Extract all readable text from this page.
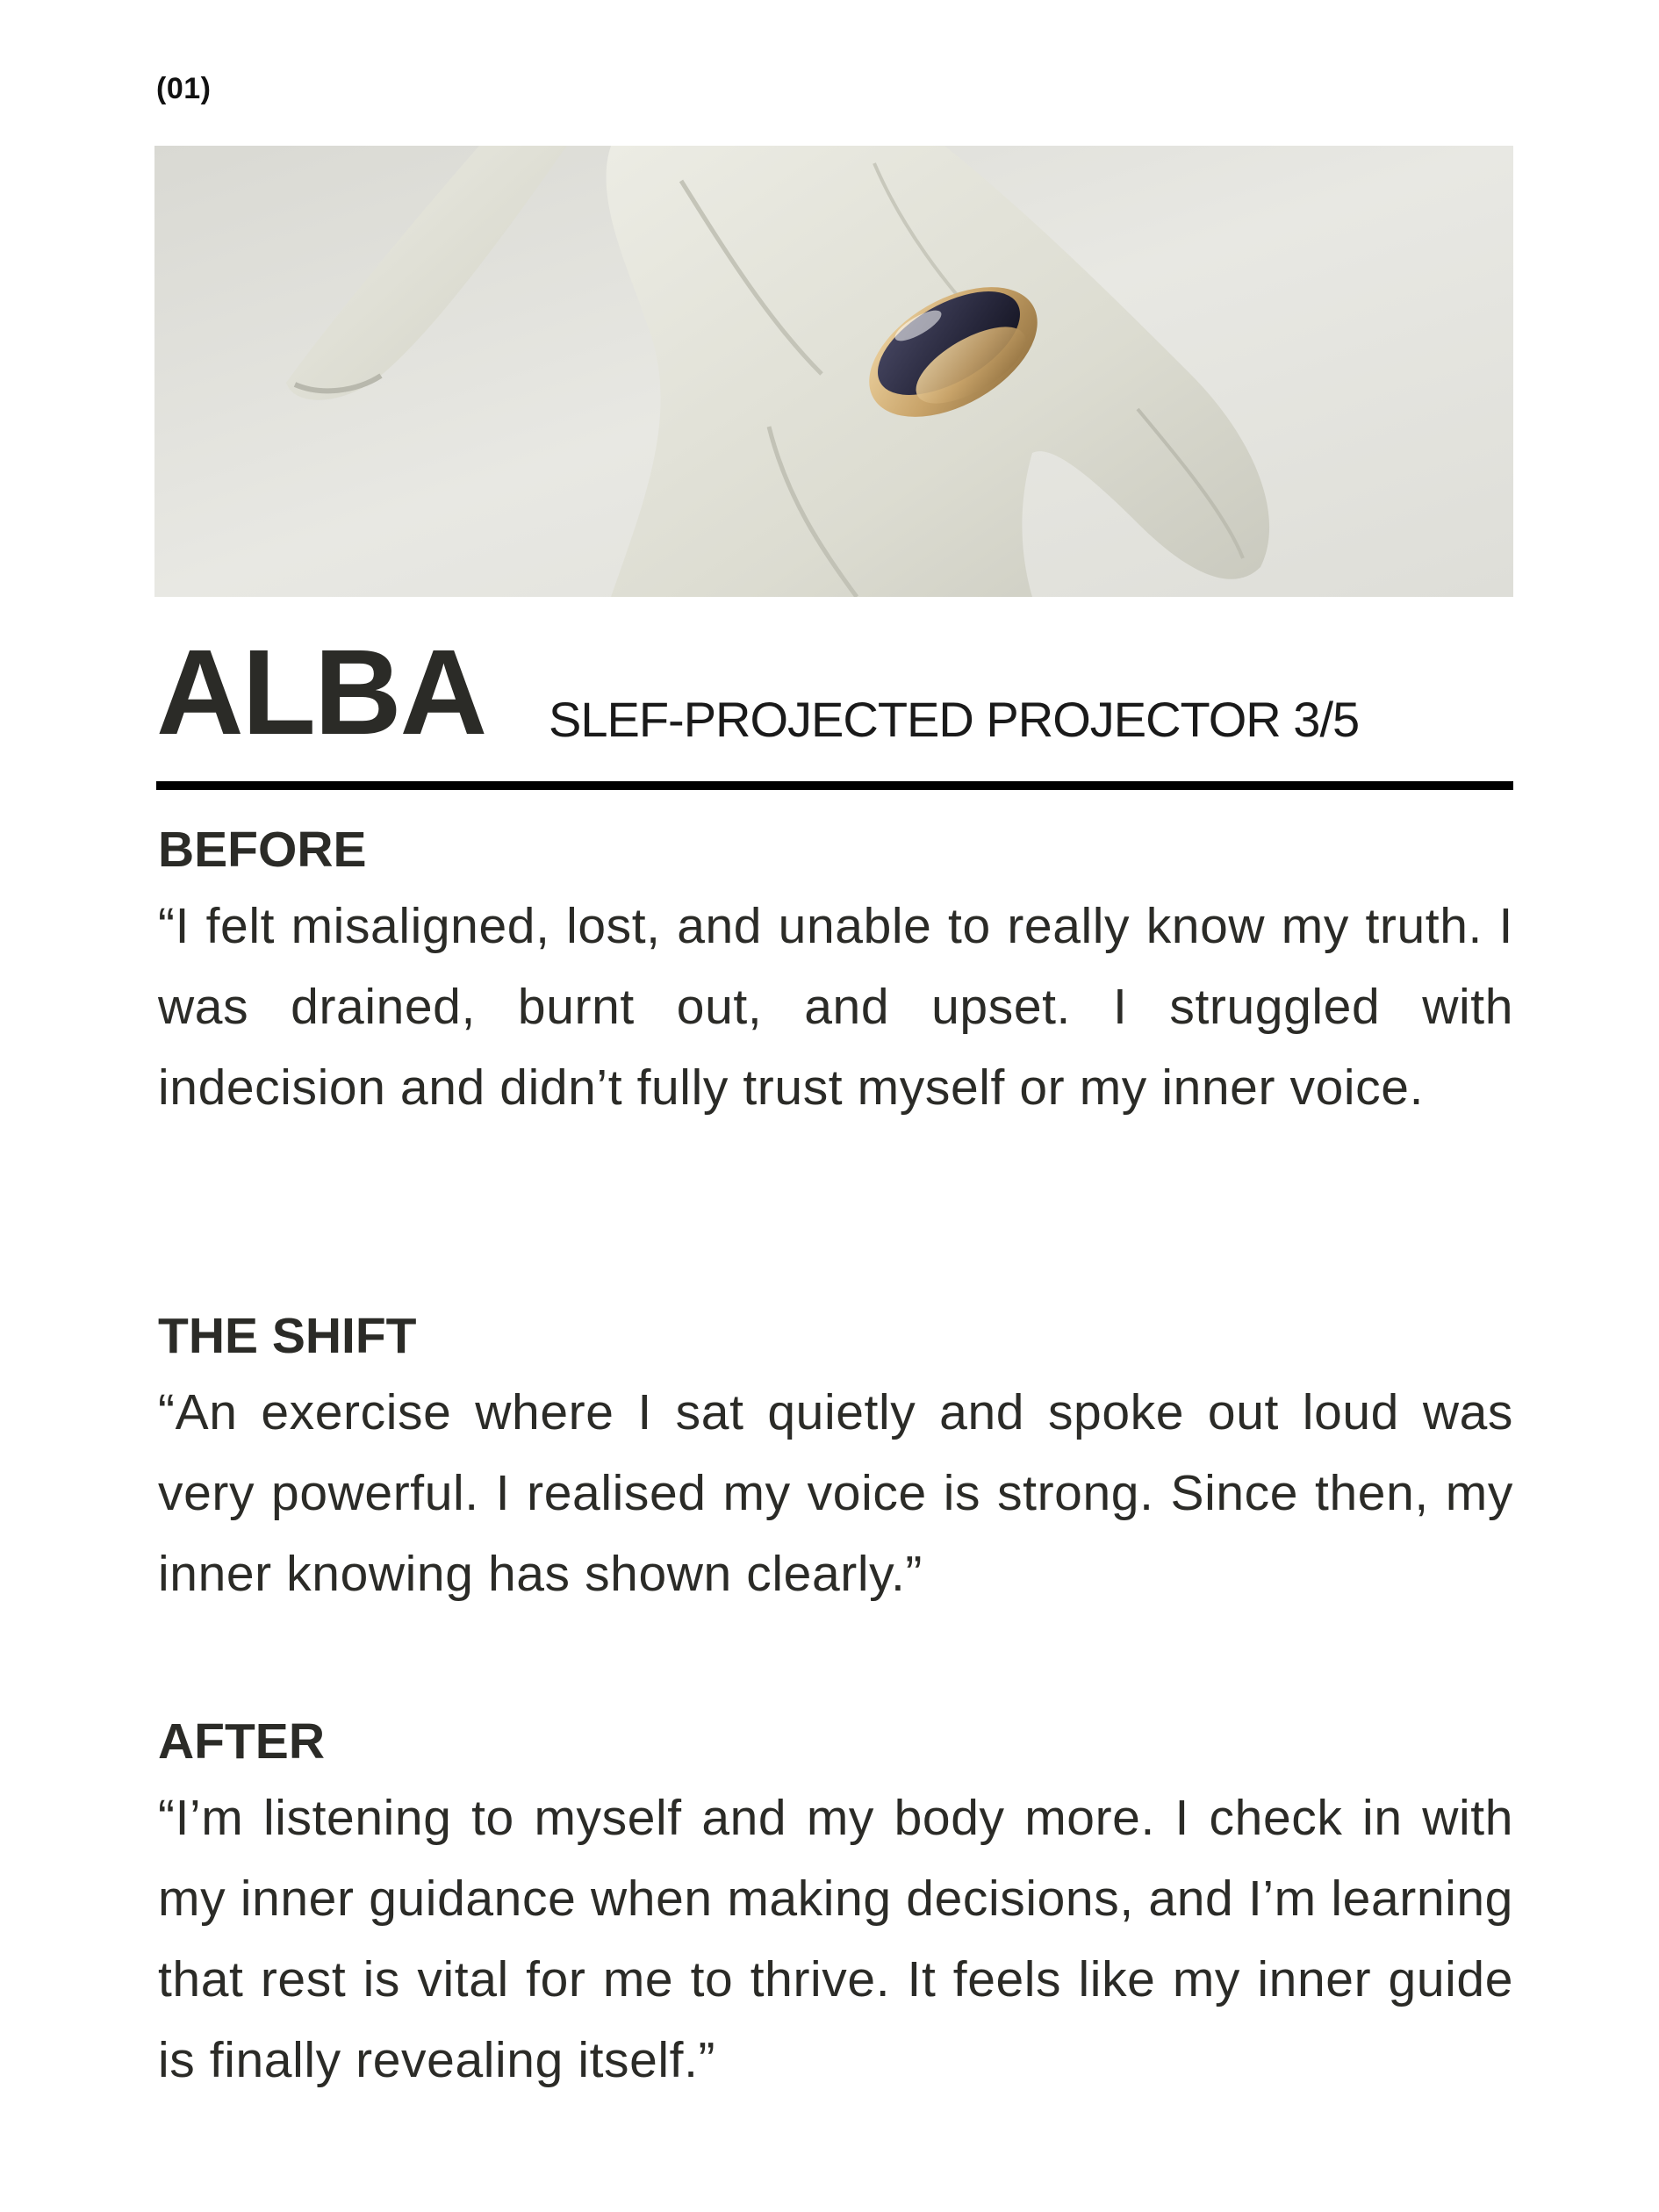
(01)
ALBA SLEF-PROJECTED PROJECTOR 3/5
BEFORE

“I felt misaligned, lost, and unable to really know my truth. I was drained, burnt out, and upset. I struggled with indecision and didn’t fully trust myself or my inner voice.

THE SHIFT

“An exercise where I sat quietly and spoke out loud was very powerful. I realised my voice is strong. Since then, my inner knowing has shown clearly.”

AFTER

“I’m listening to myself and my body more. I check in with my inner guidance when making decisions, and I’m learning that rest is vital for me to thrive. It feels like my inner guide is finally revealing itself.”
